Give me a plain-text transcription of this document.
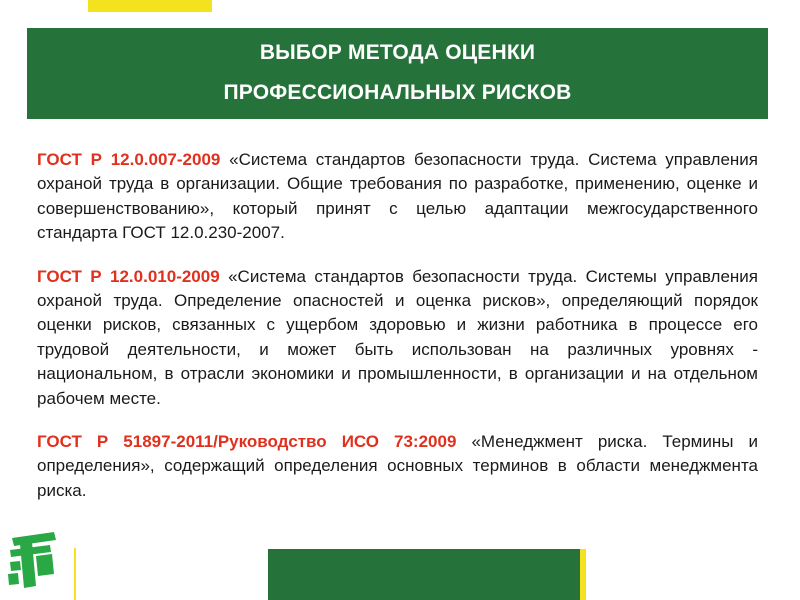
ВЫБОР МЕТОДА ОЦЕНКИ
ПРОФЕССИОНАЛЬНЫХ РИСКОВ

ГОСТ Р 12.0.007-2009 «Система стандартов безопасности труда. Система управления охраной труда в организации. Общие требования по разработке, применению, оценке и совершенствованию», который принят с целью адаптации межгосударственного стандарта ГОСТ 12.0.230-2007.

ГОСТ Р 12.0.010-2009 «Система стандартов безопасности труда. Системы управления охраной труда. Определение опасностей и оценка рисков», определяющий порядок оценки рисков, связанных с ущербом здоровью и жизни работника в процессе его трудовой деятельности, и может быть использован на различных уровнях - национальном, в отрасли экономики и промышленности, в организации и на отдельном рабочем месте.

ГОСТ Р 51897-2011/Руководство ИСО 73:2009 «Менеджмент риска. Термины и определения», содержащий определения основных терминов в области менеджмента риска.
